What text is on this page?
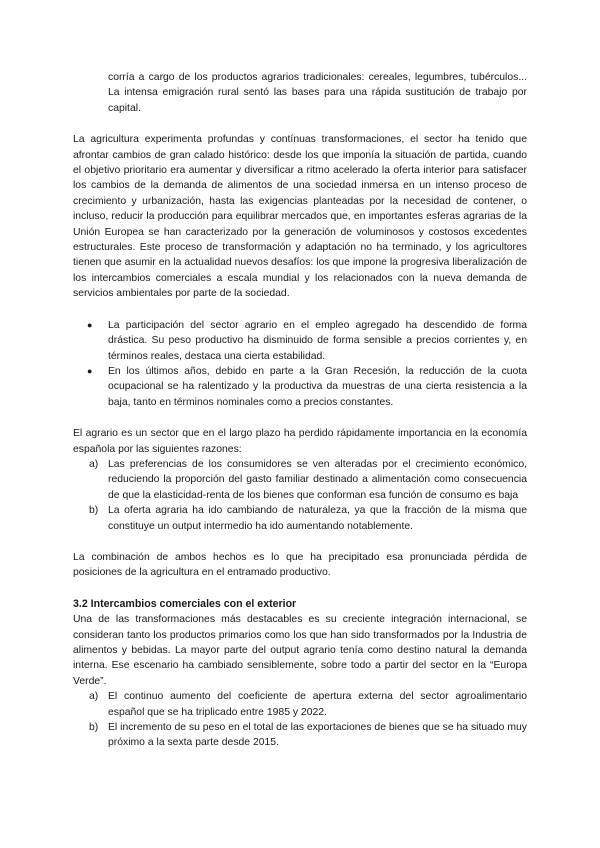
corría a cargo de los productos agrarios tradicionales: cereales, legumbres, tubérculos... La intensa emigración rural sentó las bases para una rápida sustitución de trabajo por capital.

La agricultura experimenta profundas y contínuas transformaciones, el sector ha tenido que afrontar cambios de gran calado histórico: desde los que imponía la situación de partida, cuando el objetivo prioritario era aumentar y diversificar a ritmo acelerado la oferta interior para satisfacer los cambios de la demanda de alimentos de una sociedad inmersa en un intenso proceso de crecimiento y urbanización, hasta las exigencias planteadas por la necesidad de contener, o incluso, reducir la producción para equilibrar mercados que, en importantes esferas agrarias de la Unión Europea se han caracterizado por la generación de voluminosos y costosos excedentes estructurales. Este proceso de transformación y adaptación no ha terminado, y los agricultores tienen que asumir en la actualidad nuevos desafíos: los que impone la progresiva liberalización de los intercambios comerciales a escala mundial y los relacionados con la nueva demanda de servicios ambientales por parte de la sociedad.

● La participación del sector agrario en el empleo agregado ha descendido de forma drástica. Su peso productivo ha disminuido de forma sensible a precios corrientes y, en términos reales, destaca una cierta estabilidad.
● En los últimos años, debido en parte a la Gran Recesión, la reducción de la cuota ocupacional se ha ralentizado y la productiva da muestras de una cierta resistencia a la baja, tanto en términos nominales como a precios constantes.

El agrario es un sector que en el largo plazo ha perdido rápidamente importancia en la economía española por las siguientes razones:

a) Las preferencias de los consumidores se ven alteradas por el crecimiento económico, reduciendo la proporción del gasto familiar destinado a alimentación como consecuencia de que la elasticidad-renta de los bienes que conforman esa función de consumo es baja
b) La oferta agraria ha ido cambiando de naturaleza, ya que la fracción de la misma que constituye un output intermedio ha ido aumentando notablemente.

La combinación de ambos hechos es lo que ha precipitado esa pronunciada pérdida de posiciones de la agricultura en el entramado productivo.

3.2 Intercambios comerciales con el exterior

Una de las transformaciones más destacables es su creciente integración internacional, se consideran tanto los productos primarios como los que han sido transformados por la Industria de alimentos y bebidas. La mayor parte del output agrario tenía como destino natural la demanda interna. Ese escenario ha cambiado sensiblemente, sobre todo a partir del sector en la “Europa Verde”.

a) El continuo aumento del coeficiente de apertura externa del sector agroalimentario español que se ha triplicado entre 1985 y 2022.
b) El incremento de su peso en el total de las exportaciones de bienes que se ha situado muy próximo a la sexta parte desde 2015.
